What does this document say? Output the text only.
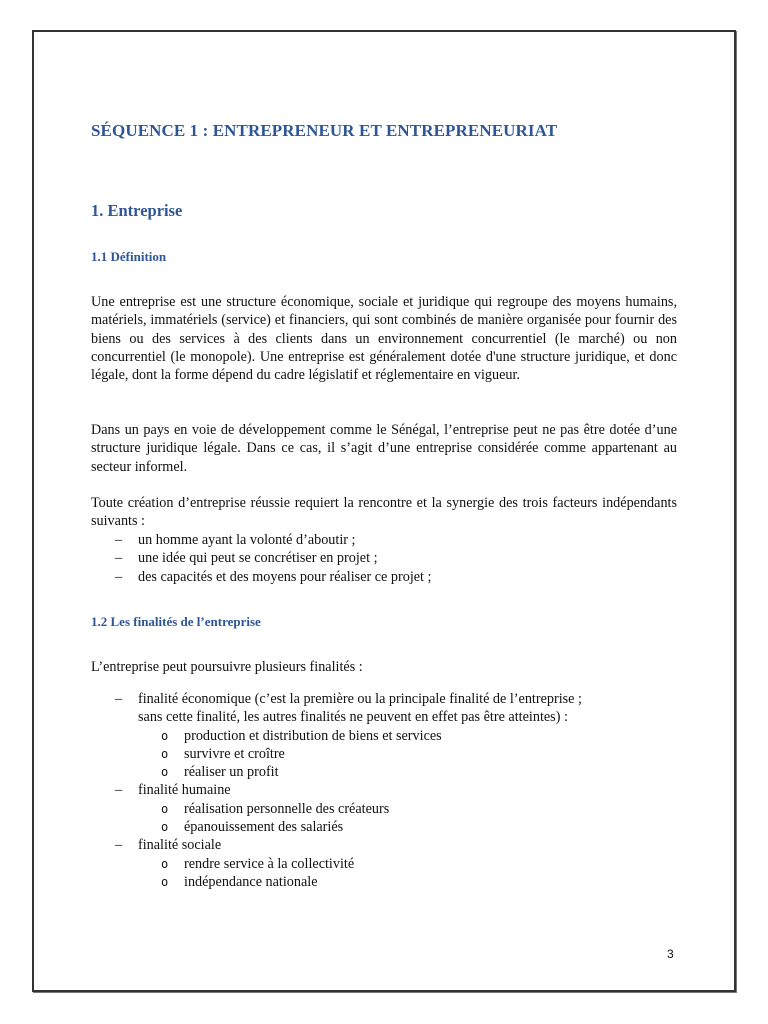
SÉQUENCE 1 : ENTREPRENEUR ET ENTREPRENEURIAT
1. Entreprise
1.1 Définition

Une entreprise est une structure économique, sociale et juridique qui regroupe des moyens humains, matériels, immatériels (service) et financiers, qui sont combinés de manière organisée pour fournir des biens ou des services à des clients dans un environnement concurrentiel (le marché) ou non concurrentiel (le monopole). Une entreprise est généralement dotée d'une structure juridique, et donc légale, dont la forme dépend du cadre législatif et réglementaire en vigueur.

Dans un pays en voie de développement comme le Sénégal, l’entreprise peut ne pas être dotée d’une structure juridique légale. Dans ce cas, il s’agit d’une entreprise considérée comme appartenant au secteur informel.

Toute création d’entreprise réussie requiert la rencontre et la synergie des trois facteurs indépendants suivants :

– un homme ayant la volonté d’aboutir ;
– une idée qui peut se concrétiser en projet ;
– des capacités et des moyens pour réaliser ce projet ;
1.2 Les finalités de l’entreprise

L’entreprise peut poursuivre plusieurs finalités :

– finalité économique (c’est la première ou la principale finalité de l’entreprise ;
sans cette finalité, les autres finalités ne peuvent en effet pas être atteintes) :
o production et distribution de biens et services
o survivre et croître
o réaliser un profit
– finalité humaine
o réalisation personnelle des créateurs
o épanouissement des salariés
– finalité sociale
o rendre service à la collectivité
o indépendance nationale
3
